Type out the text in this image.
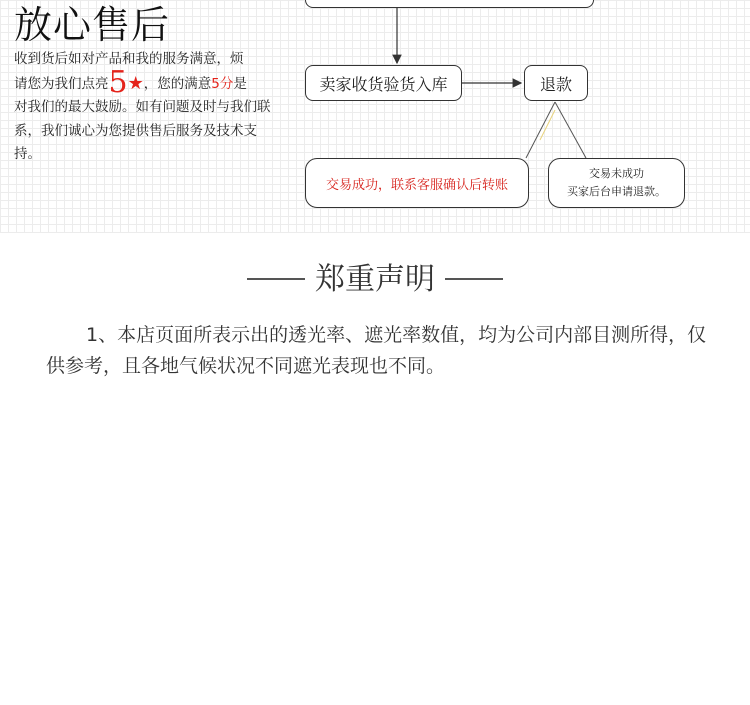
放心售后
收到货后如对产品和我的服务满意，烦
请您为我们点亮5★，您的满意5分是
对我们的最大鼓励。如有问题及时与我们联系，我们诚心为您提供售后服务及技术支持。
卖家收货验货入库	退款
交易成功，联系客服确认后转账
交易未成功
买家后台申请退款。
郑重声明

1、本店页面所表示出的透光率、遮光率数值，均为公司内部目测所得，仅供参考，且各地气候状况不同遮光表现也不同。
